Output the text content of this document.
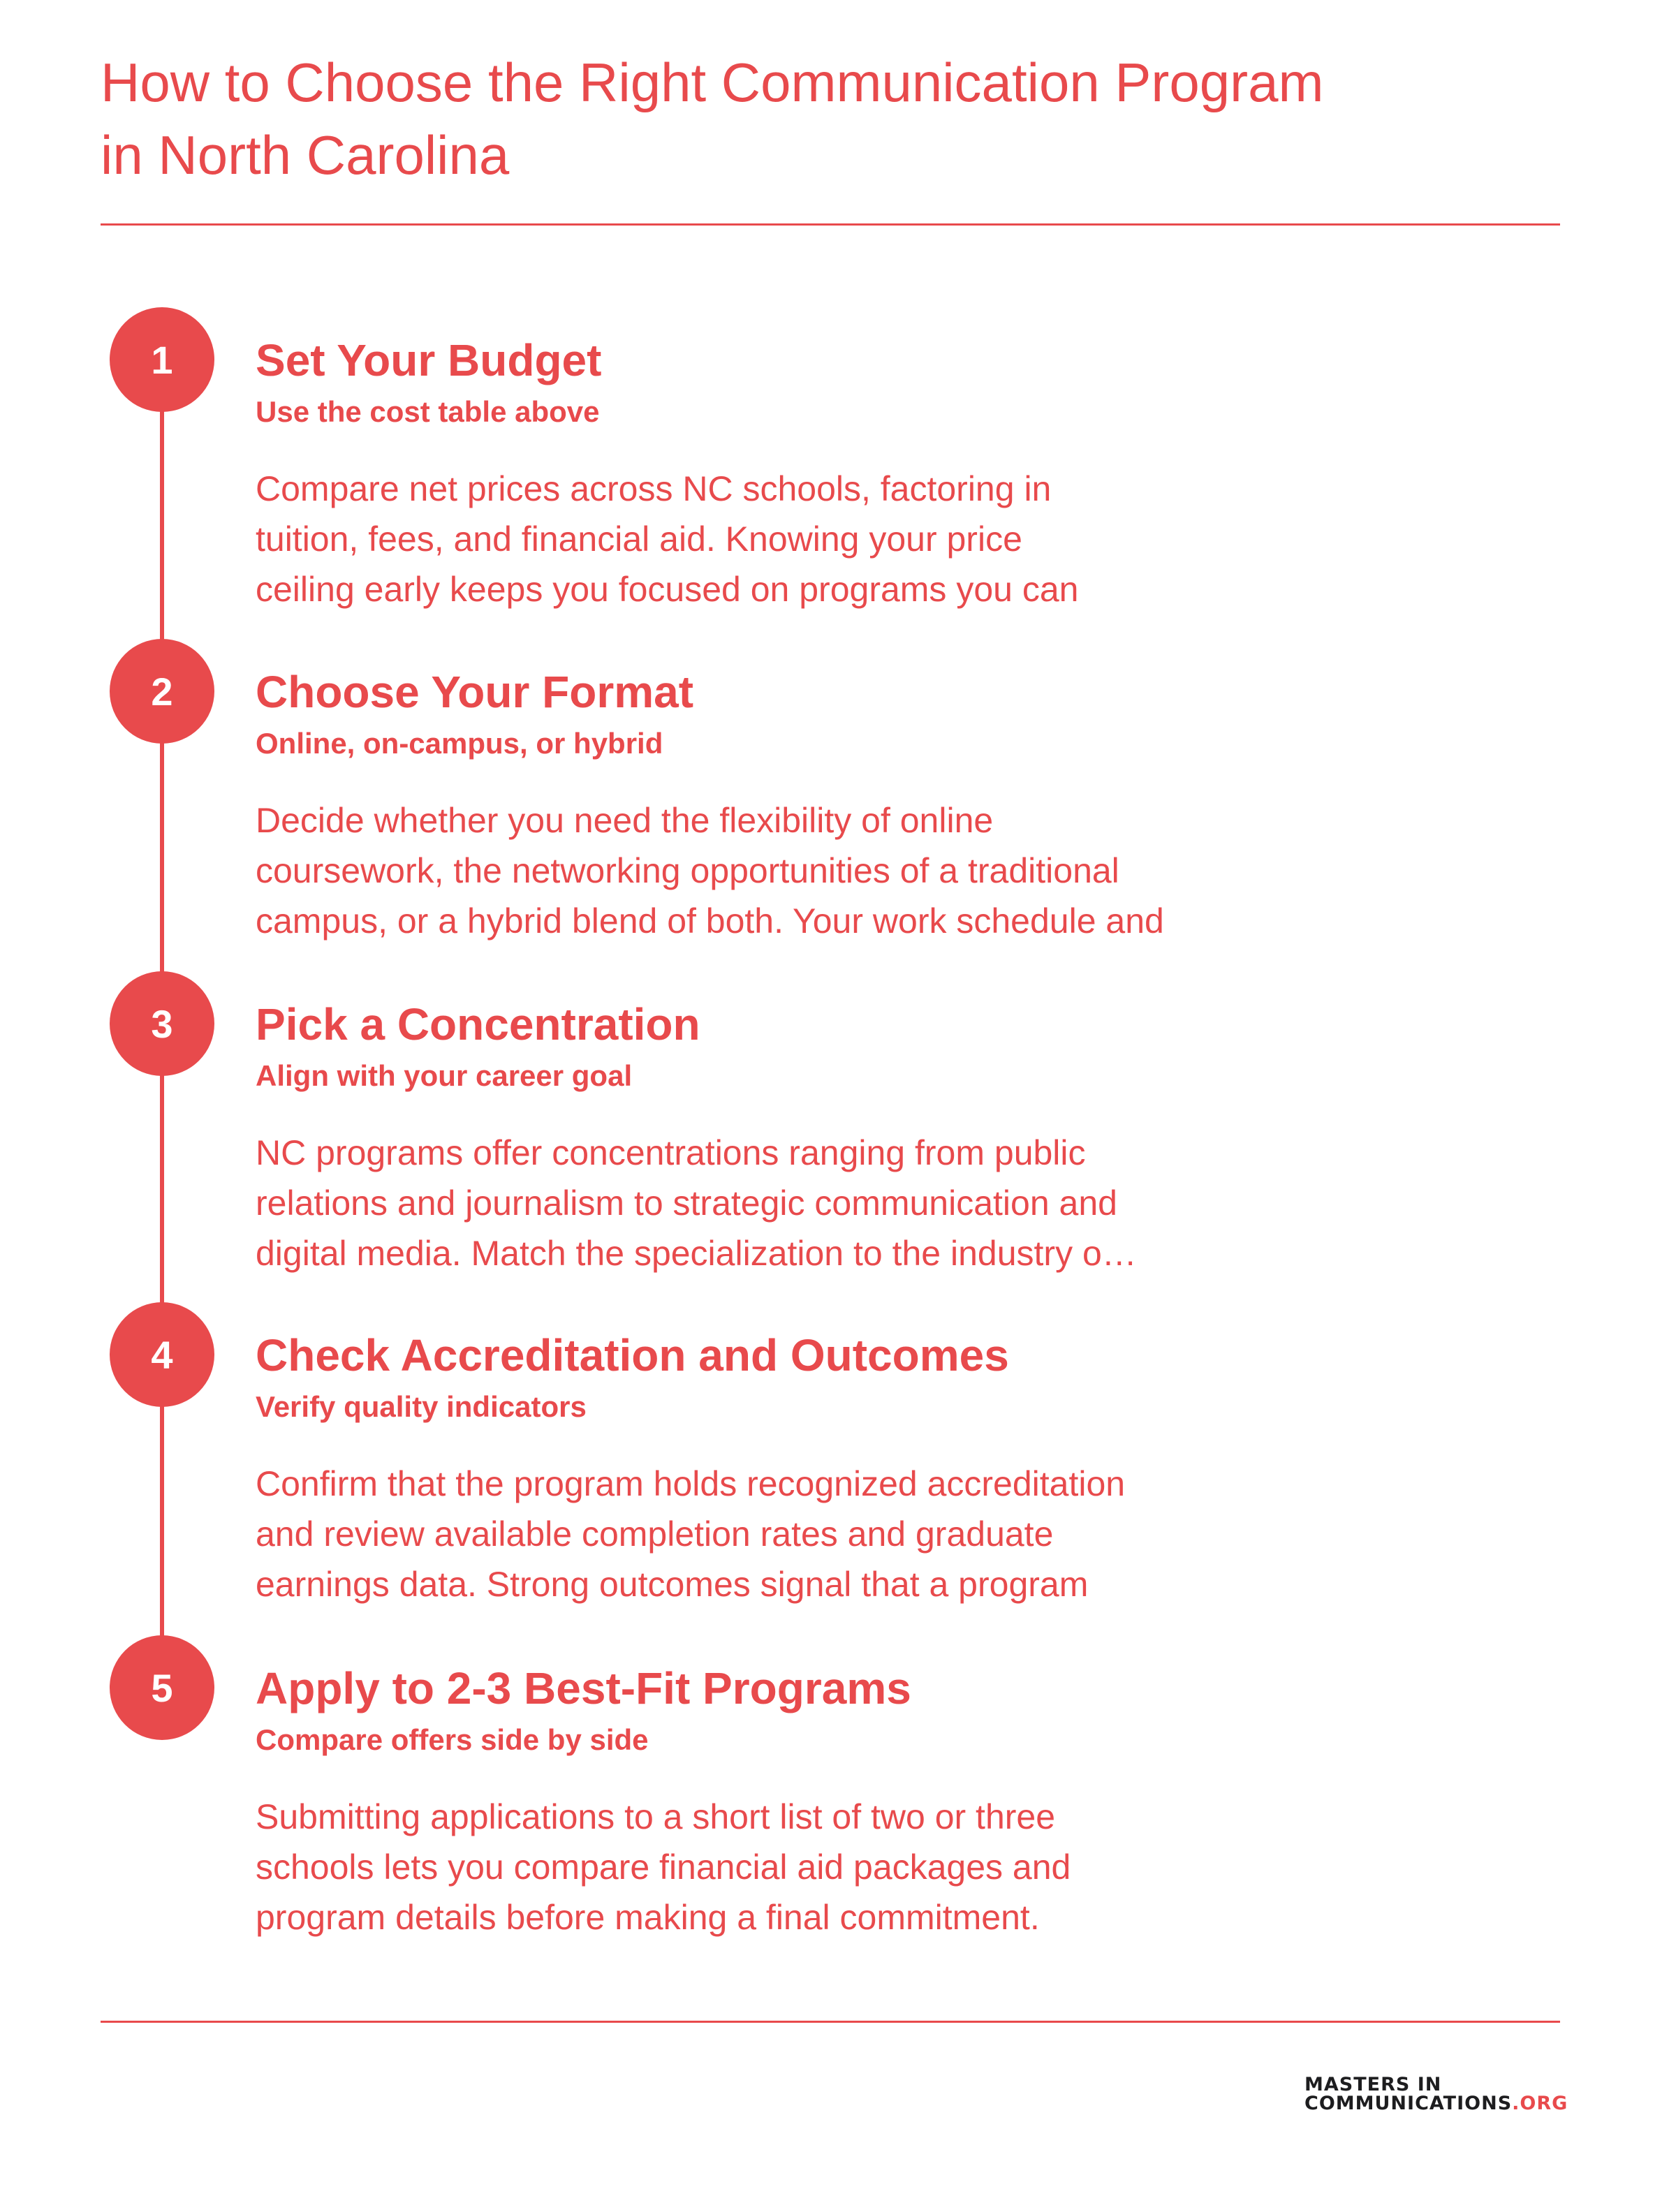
How to Choose the Right Communication Program
in North Carolina
1	Set Your Budget

Use the cost table above

Compare net prices across NC schools, factoring in
tuition, fees, and financial aid. Knowing your price
ceiling early keeps you focused on programs you can

2	Choose Your Format

Online, on-campus, or hybrid

Decide whether you need the flexibility of online
coursework, the networking opportunities of a traditional
campus, or a hybrid blend of both. Your work schedule and

3	Pick a Concentration

Align with your career goal

NC programs offer concentrations ranging from public
relations and journalism to strategic communication and
digital media. Match the specialization to the industry o…

4	Check Accreditation and Outcomes

Verify quality indicators

Confirm that the program holds recognized accreditation
and review available completion rates and graduate
earnings data. Strong outcomes signal that a program

5	Apply to 2-3 Best-Fit Programs

Compare offers side by side

Submitting applications to a short list of two or three
schools lets you compare financial aid packages and
program details before making a final commitment.

MASTERS IN
COMMUNICATIONS.ORG
